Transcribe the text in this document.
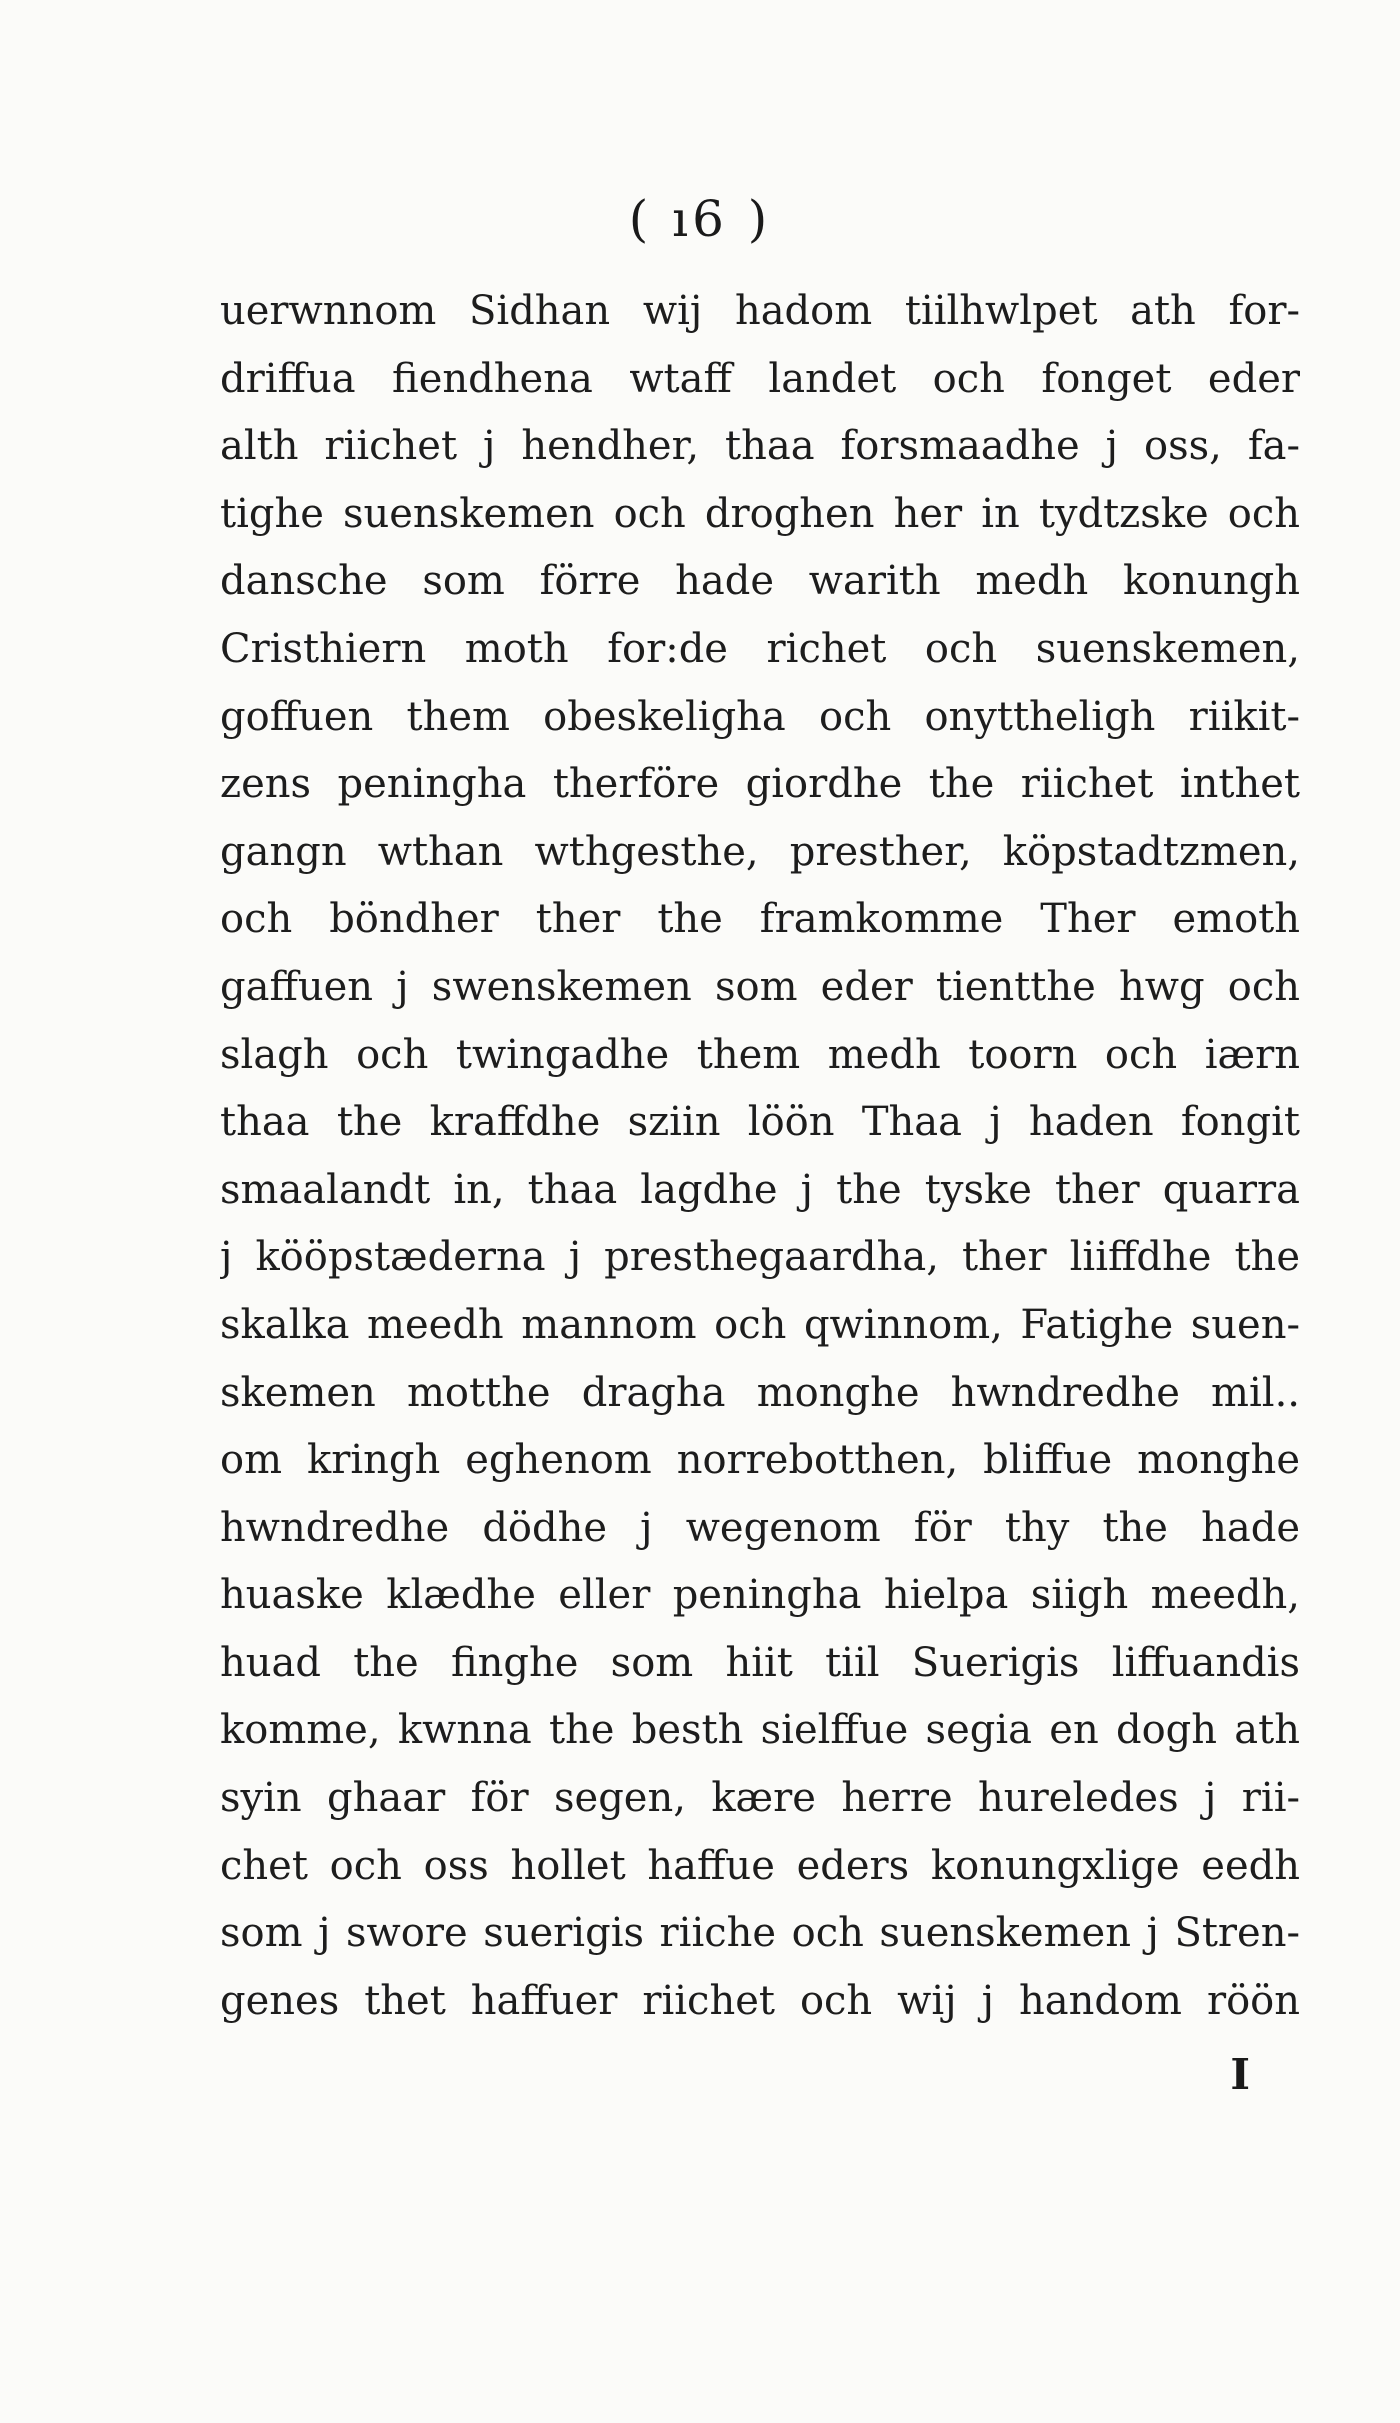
( ı6 )
uerwnnom Sidhan wij hadom tiilhwlpet ath for-
driffua fiendhena wtaff landet och fonget eder
alth riichet j hendher, thaa forsmaadhe j oss, fa-
tighe suenskemen och droghen her in tydtzske och
dansche som förre hade warith medh konungh
Cristhiern moth for:de richet och suenskemen,
goffuen them obeskeligha och onyttheligh riikit-
zens peningha therföre giordhe the riichet inthet
gangn wthan wthgesthe, presther, köpstadtzmen,
och böndher ther the framkomme Ther emoth
gaffuen j swenskemen som eder tientthe hwg och
slagh och twingadhe them medh toorn och iærn
thaa the kraffdhe sziin löön Thaa j haden fongit
smaalandt in, thaa lagdhe j the tyske ther quarra
j kööpstæderna j presthegaardha, ther liiffdhe the
skalka meedh mannom och qwinnom, Fatighe suen-
skemen motthe dragha monghe hwndredhe mil..
om kringh eghenom norrebotthen, bliffue monghe
hwndredhe dödhe j wegenom för thy the hade
huaske klædhe eller peningha hielpa siigh meedh,
huad the finghe som hiit tiil Suerigis liffuandis
komme, kwnna the besth sielffue segia en dogh ath
syin ghaar för segen, kære herre hureledes j rii-
chet och oss hollet haffue eders konungxlige eedh
som j swore suerigis riiche och suenskemen j Stren-
genes thet haffuer riichet och wij j handom röön
I
